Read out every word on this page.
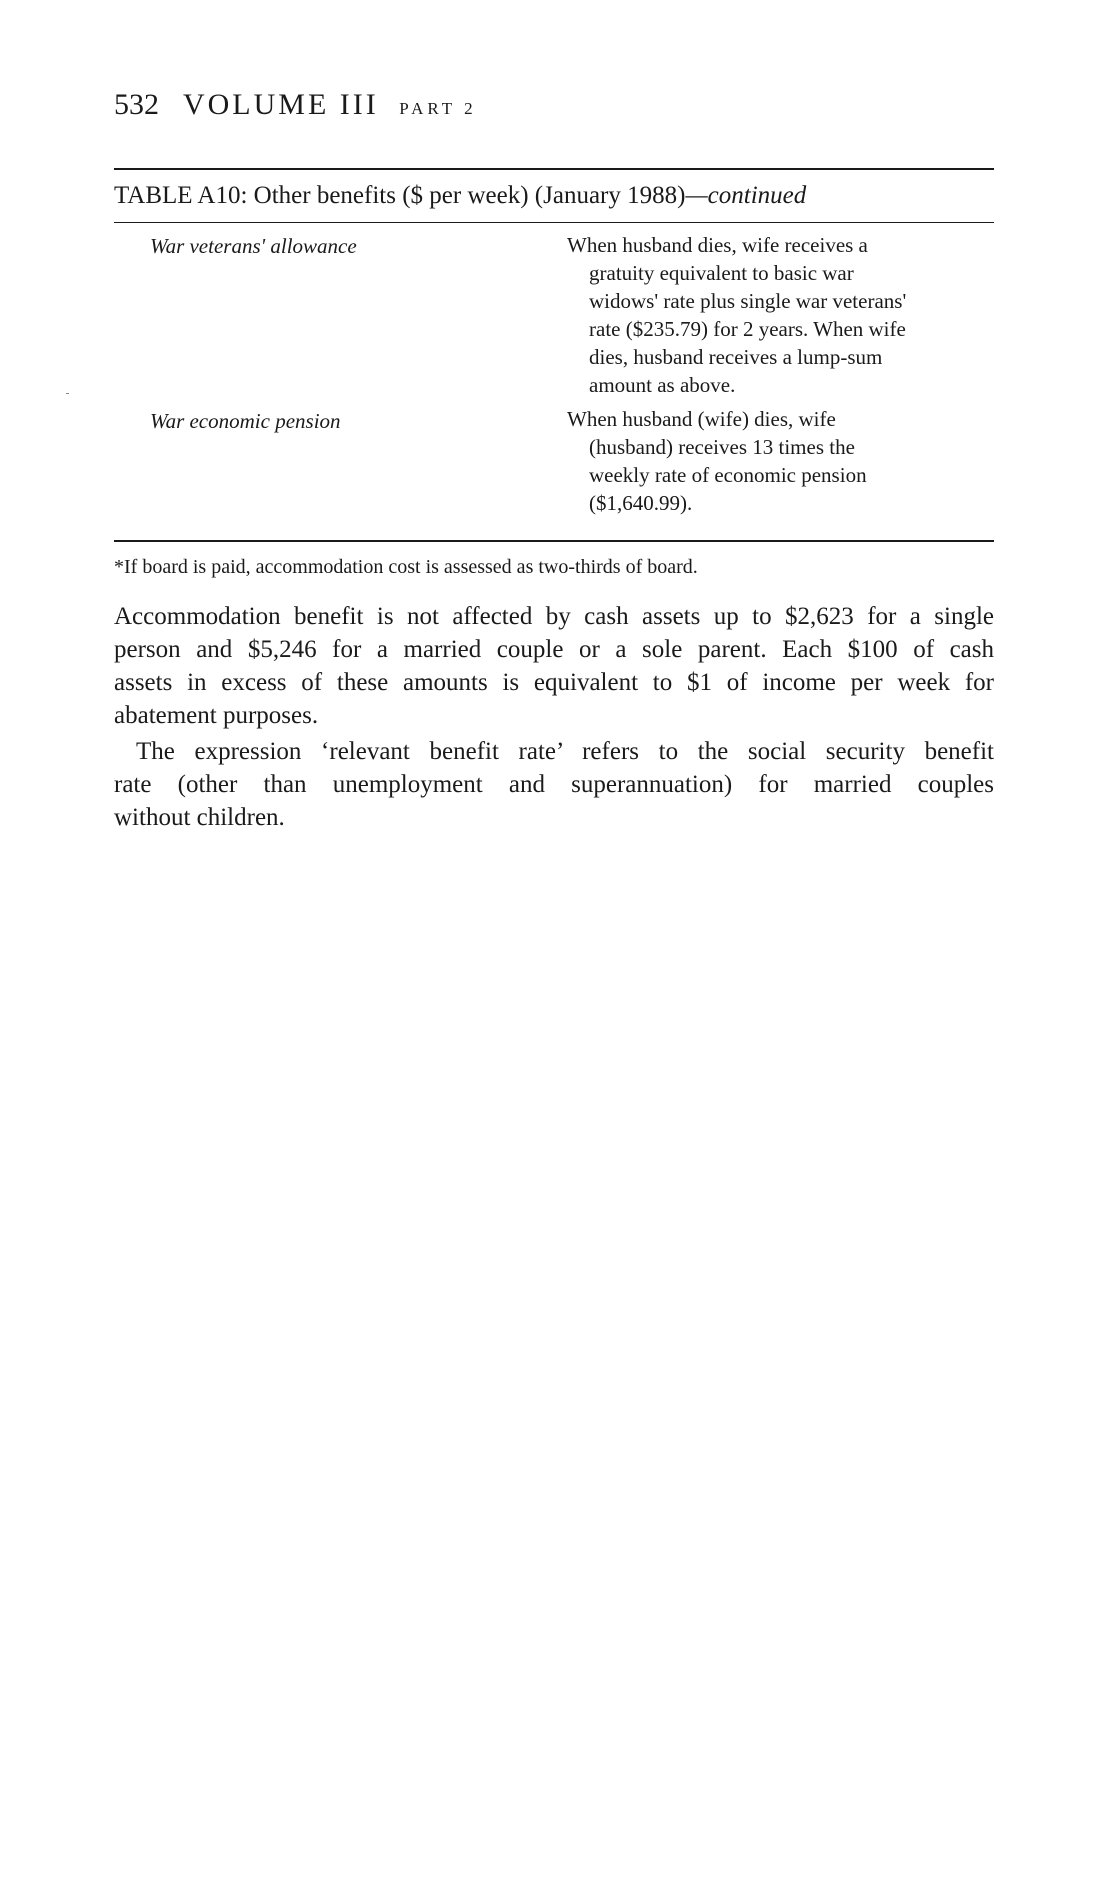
532 VOLUME III PART 2
TABLE A10: Other benefits ($ per week) (January 1988)—continued
War veterans' allowance	When husband dies, wife receives a
gratuity equivalent to basic war
widows' rate plus single war veterans'
rate ($235.79) for 2 years. When wife
dies, husband receives a lump-sum
amount as above.
War economic pension	When husband (wife) dies, wife
(husband) receives 13 times the
weekly rate of economic pension
($1,640.99).
*If board is paid, accommodation cost is assessed as two-thirds of board.
Accommodation benefit is not affected by cash assets up to $2,623 for a single
person and $5,246 for a married couple or a sole parent. Each $100 of cash
assets in excess of these amounts is equivalent to $1 of income per week for
abatement purposes.
The expression ‘relevant benefit rate’ refers to the social security benefit
rate (other than unemployment and superannuation) for married couples
without children.
